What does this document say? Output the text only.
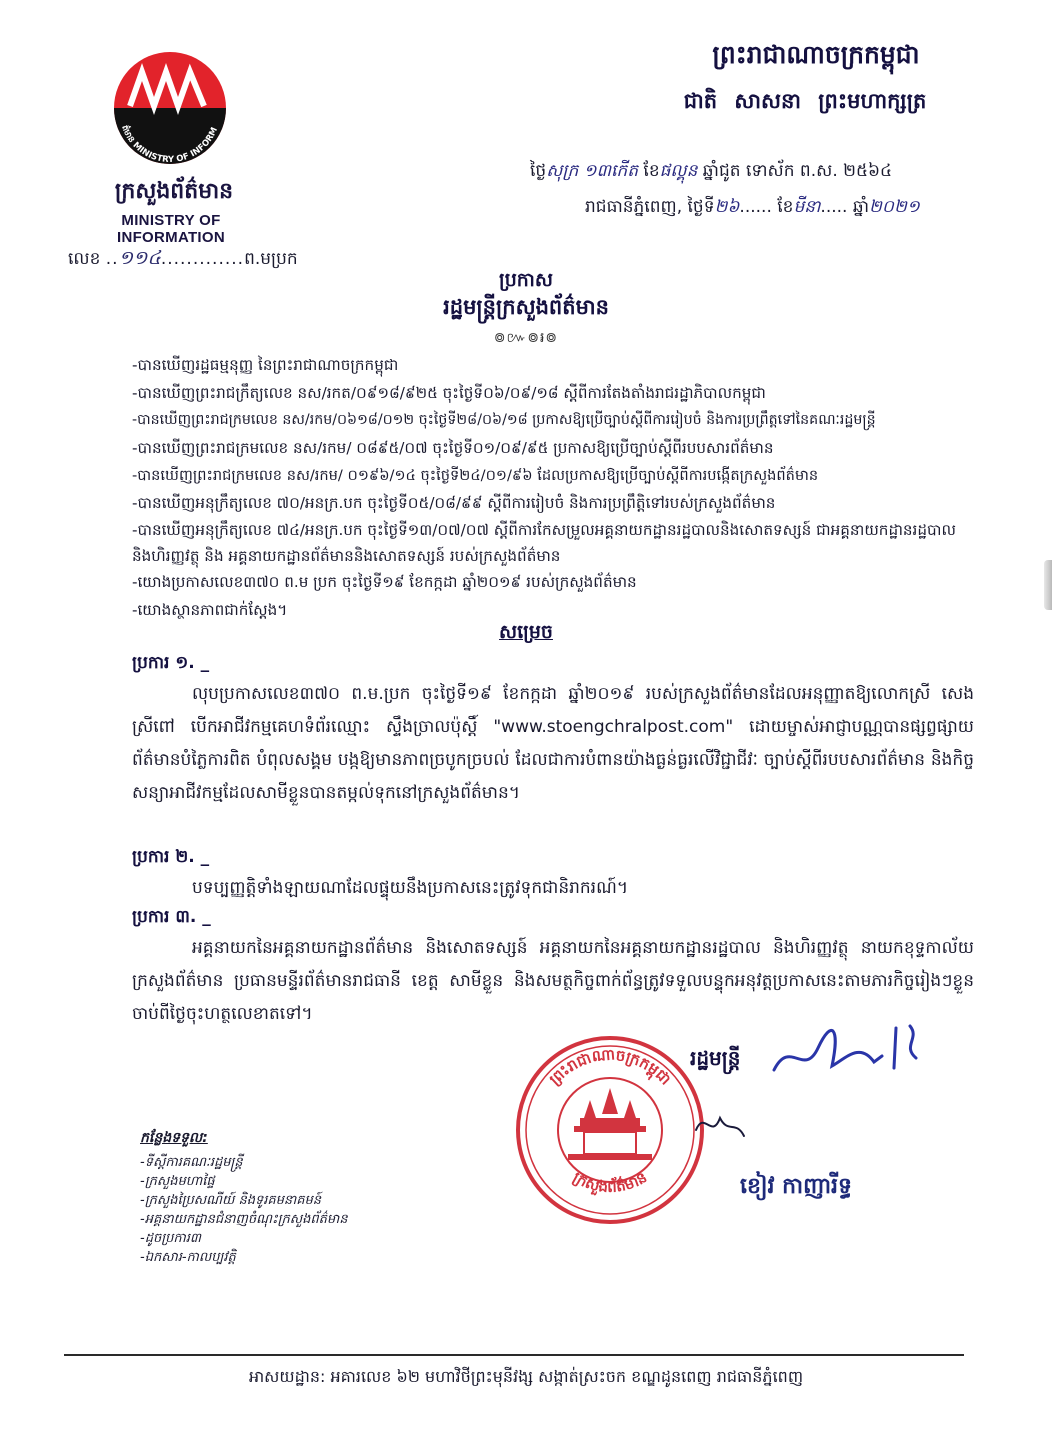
ត៌មាន MINISTRY OF INFORM
ក្រសួងព័ត៌មាន
MINISTRY OF INFORMATION
លេខ ..១១៤.............ព.មប្រក
ព្រះរាជាណាចក្រកម្ពុជា
ជាតិ សាសនា ព្រះមហាក្សត្រ
ថ្ងៃសុក្រ ១៣កើត ខែផល្គុន ឆ្នាំជូត ទោស័ក ព.ស. ២៥៦៤
រាជធានីភ្នំពេញ, ថ្ងៃទី២៦...... ខែមីនា..... ឆ្នាំ២០២១
ប្រកាស
រដ្ឋមន្ត្រីក្រសួងព័ត៌មាន
៙៚៙៛៙
-បានឃើញរដ្ឋធម្មនុញ្ញ នៃព្រះរាជាណាចក្រកម្ពុជា
-បានឃើញព្រះរាជក្រឹត្យលេខ នស/រកត/០៩១៨/៩២៥ ចុះថ្ងៃទី០៦/០៩/១៨ ស្តីពីការតែងតាំងរាជរដ្ឋាភិបាលកម្ពុជា
-បានឃើញព្រះរាជក្រមលេខ នស/រកម/០៦១៨/០១២ ចុះថ្ងៃទី២៨/០៦/១៨ ប្រកាសឱ្យប្រើច្បាប់ស្តីពីការរៀបចំ និងការប្រព្រឹត្តទៅនៃគណៈរដ្ឋមន្ត្រី
-បានឃើញព្រះរាជក្រមលេខ នស/រកម/ ០៨៩៥/០៧ ចុះថ្ងៃទី០១/០៩/៩៥ ប្រកាសឱ្យប្រើច្បាប់ស្តីពីរបបសារព័ត៌មាន
-បានឃើញព្រះរាជក្រមលេខ នស/រកម/ ០១៩៦/១៤ ចុះថ្ងៃទី២៤/០១/៩៦ ដែលប្រកាសឱ្យប្រើច្បាប់ស្តីពីការបង្កើតក្រសួងព័ត៌មាន
-បានឃើញអនុក្រឹត្យលេខ ៧០/អនក្រ.បក ចុះថ្ងៃទី០៥/០៨/៩៩ ស្តីពីការរៀបចំ និងការប្រព្រឹត្តិទៅរបស់ក្រសួងព័ត៌មាន
-បានឃើញអនុក្រឹត្យលេខ ៧៤/អនក្រ.បក ចុះថ្ងៃទី១៣/០៧/០៧ ស្តីពីការកែសម្រួលអគ្គនាយកដ្ឋានរដ្ឋបាលនិងសោតទស្សន៍ ជាអគ្គនាយកដ្ឋានរដ្ឋបាលនិងហិរញ្ញវត្ថុ និង អគ្គនាយកដ្ឋានព័ត៌មាននិងសោតទស្សន៍ របស់ក្រសួងព័ត៌មាន
-យោងប្រកាសលេខ៣៧០ ព.ម ប្រក ចុះថ្ងៃទី១៩ ខែកក្កដា ឆ្នាំ២០១៩ របស់ក្រសួងព័ត៌មាន
-យោងស្ថានភាពជាក់ស្តែង។
សម្រេច
ប្រការ ១. _
លុបប្រកាសលេខ៣៧០ ព.ម.ប្រក ចុះថ្ងៃទី១៩ ខែកក្កដា ឆ្នាំ២០១៩ របស់ក្រសួងព័ត៌មានដែលអនុញ្ញាតឱ្យលោកស្រី សេង ស្រីពៅ បើកអាជីវកម្មគេហទំព័រឈ្មោះ ស្ទឹងច្រាលប៉ុស្តិ៍ "www.stoengchralpost.com" ដោយម្ចាស់អាជ្ញាបណ្ណបានផ្សព្វផ្សាយព័ត៌មានបំភ្លៃការពិត បំពុលសង្គម បង្កឱ្យមានភាពច្របូកច្របល់ ដែលជាការបំពានយ៉ាងធ្ងន់ធ្ងរលើវិជ្ជាជីវៈ ច្បាប់ស្តីពីរបបសារព័ត៌មាន និងកិច្ចសន្យាអាជីវកម្មដែលសាមីខ្លួនបានតម្កល់ទុកនៅក្រសួងព័ត៌មាន។
ប្រការ ២. _
បទប្បញ្ញត្តិទាំងឡាយណាដែលផ្ទុយនឹងប្រកាសនេះត្រូវទុកជានិរាករណ៍។
ប្រការ ៣. _
អគ្គនាយកនៃអគ្គនាយកដ្ឋានព័ត៌មាន និងសោតទស្សន៍ អគ្គនាយកនៃអគ្គនាយកដ្ឋានរដ្ឋបាល និងហិរញ្ញវត្ថុ នាយកខុទ្ទកាល័យក្រសួងព័ត៌មាន ប្រធានមន្ទីរព័ត៌មានរាជធានី ខេត្ត សាមីខ្លួន និងសមត្ថកិច្ចពាក់ព័ន្ធត្រូវទទួលបន្ទុកអនុវត្តប្រកាសនេះតាមភារកិច្ចរៀងៗខ្លួនចាប់ពីថ្ងៃចុះហត្ថលេខាតទៅ។
ព្រះរាជាណាចក្រកម្ពុជា
ក្រសួងព័ត៌មាន
រដ្ឋមន្ត្រី
ខៀវ កាញារីទ្ធ
កន្លែងទទួល:
-ទីស្តីការគណៈរដ្ឋមន្ត្រី
-ក្រសួងមហាផ្ទៃ
-ក្រសួងប្រៃសណីយ៍ និងទូរគមនាគមន៍
-អគ្គនាយកដ្ឋានជំនាញចំណុះក្រសួងព័ត៌មាន
-ដូចប្រការ៣
-ឯកសារ-កាលប្បវត្តិ
អាសយដ្ឋាន: អគារលេខ ៦២ មហាវិថីព្រះមុនីវង្ស សង្កាត់ស្រះចក ខណ្ឌដូនពេញ រាជធានីភ្នំពេញ
